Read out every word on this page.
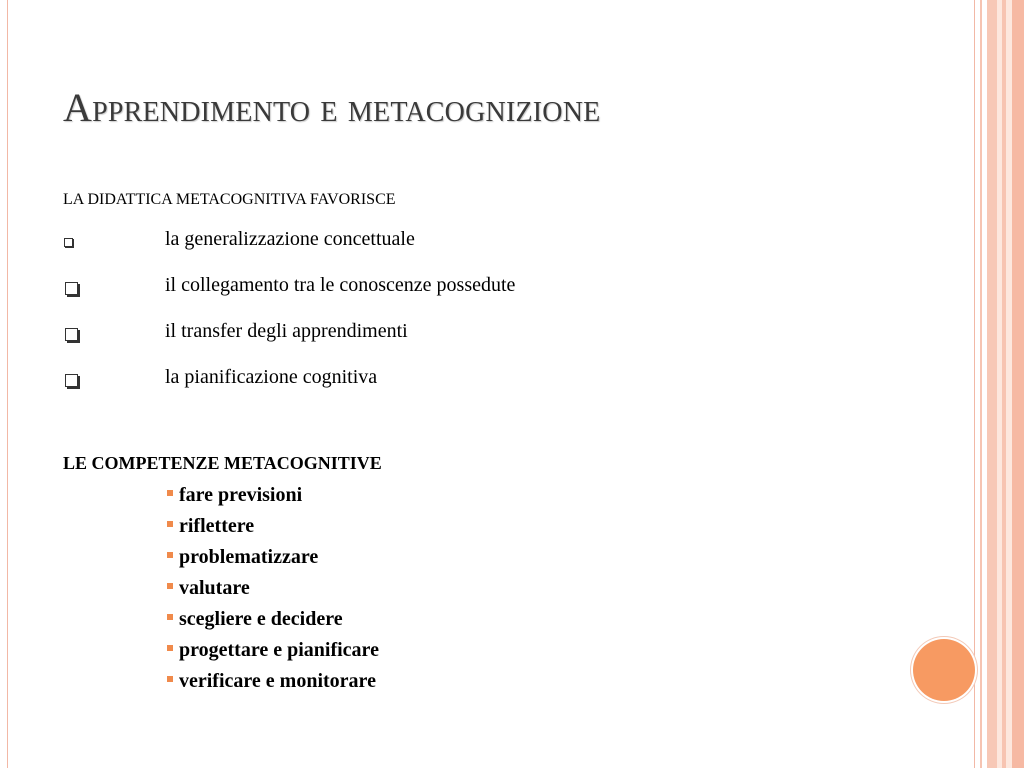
Apprendimento e metacognizione

LA DIDATTICA METACOGNITIVA FAVORISCE

la generalizzazione concettuale
il collegamento tra le conoscenze possedute
il transfer degli apprendimenti
la pianificazione cognitiva

LE COMPETENZE METACOGNITIVE

fare previsioni
riflettere
problematizzare
valutare
scegliere e decidere
progettare e pianificare
verificare e monitorare
